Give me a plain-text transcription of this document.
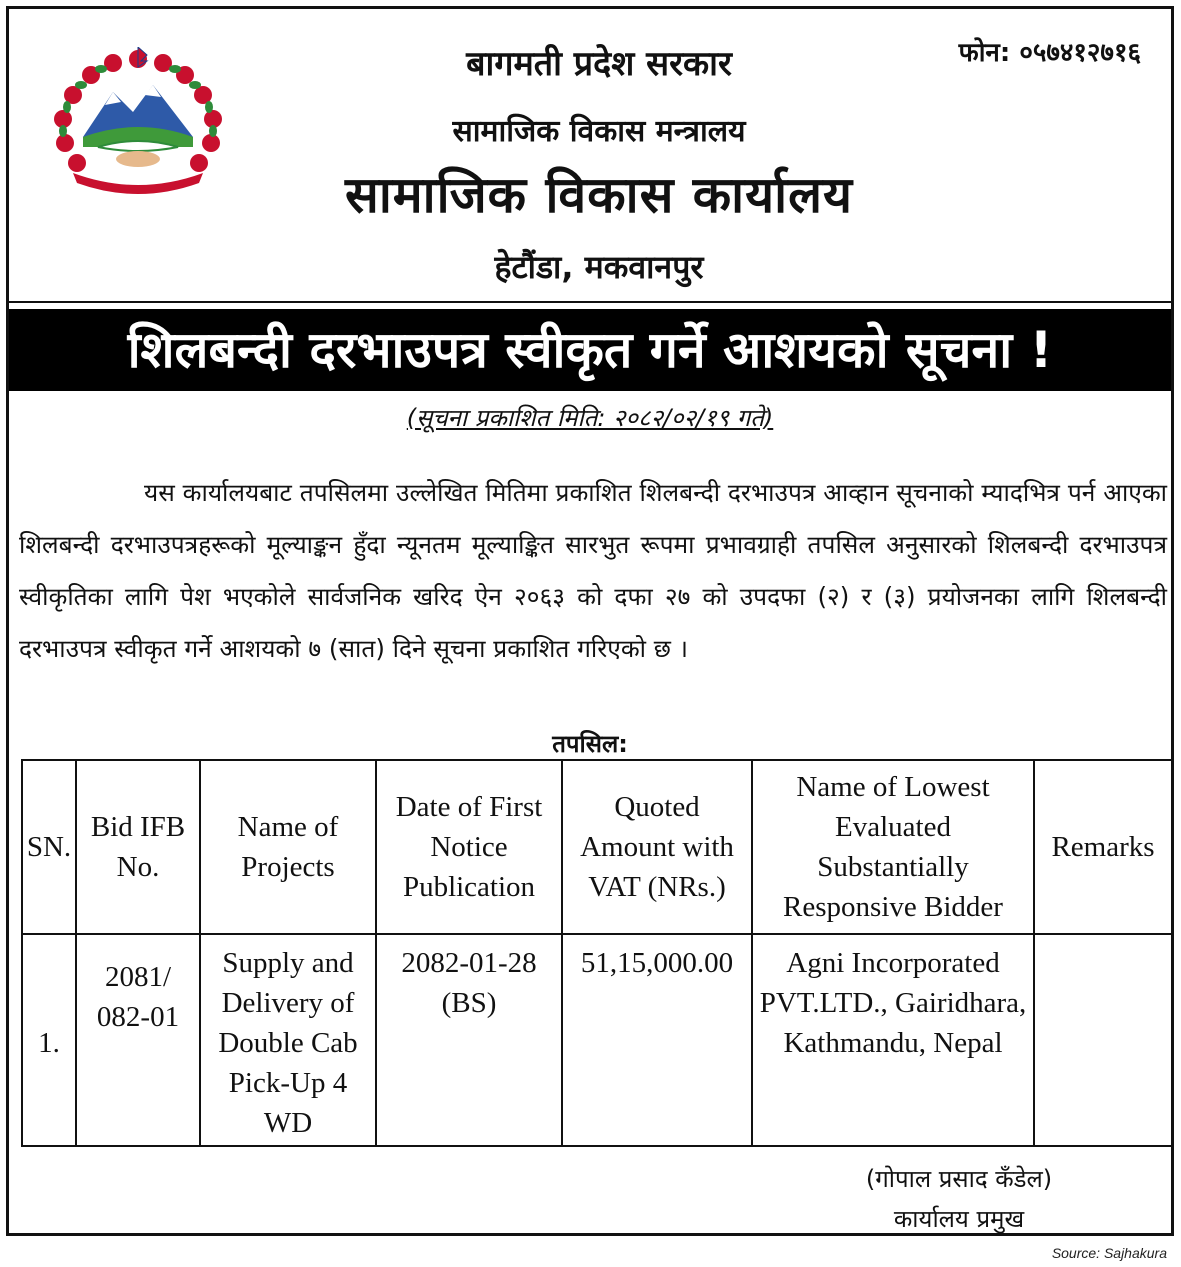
फोन: ०५७४१२७१६
बागमती प्रदेश सरकार
सामाजिक विकास मन्त्रालय
सामाजिक विकास कार्यालय
हेटौंडा, मकवानपुर
शिलबन्दी दरभाउपत्र स्वीकृत गर्ने आशयको सूचना !
(सूचना प्रकाशित मिति: २०८२/०२/१९ गते)
यस कार्यालयबाट तपसिलमा उल्लेखित मितिमा प्रकाशित शिलबन्दी दरभाउपत्र आव्हान सूचनाको म्यादभित्र पर्न आएका शिलबन्दी दरभाउपत्रहरूको मूल्याङ्कन हुँदा न्यूनतम मूल्याङ्कित सारभुत रूपमा प्रभावग्राही तपसिल अनुसारको शिलबन्दी दरभाउपत्र स्वीकृतिका लागि पेश भएकोले सार्वजनिक खरिद ऐन २०६३ को दफा २७ को उपदफा (२) र (३) प्रयोजनका लागि शिलबन्दी दरभाउपत्र स्वीकृत गर्ने आशयको ७ (सात) दिने सूचना प्रकाशित गरिएको छ ।
तपसिल:
SN.	Bid IFB No.	Name of Projects	Date of First Notice Publication	Quoted Amount with VAT (NRs.)	Name of Lowest Evaluated Substantially Responsive Bidder	Remarks
1.	2081/ 082-01	Supply and Delivery of Double Cab Pick-Up 4 WD	2082-01-28 (BS)	51,15,000.00	Agni Incorporated PVT.LTD., Gairidhara, Kathmandu, Nepal	
(गोपाल प्रसाद कँडेल)
कार्यालय प्रमुख
Source: Sajhakura
